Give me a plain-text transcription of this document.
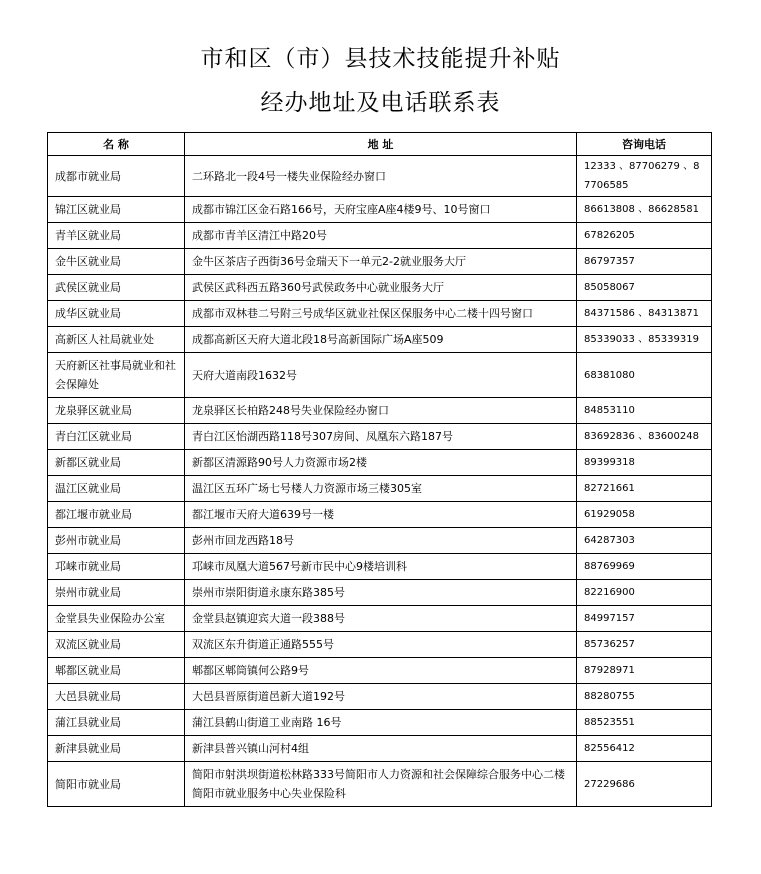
市和区（市）县技术技能提升补贴
经办地址及电话联系表
名 称	地 址	咨询电话
成都市就业局	二环路北一段4号一楼失业保险经办窗口	12333 、87706279 、87706585
锦江区就业局	成都市锦江区金石路166号，天府宝座A座4楼9号、10号窗口	86613808 、86628581
青羊区就业局	成都市青羊区清江中路20号	67826205
金牛区就业局	金牛区茶店子西街36号金瑞天下一单元2-2就业服务大厅	86797357
武侯区就业局	武侯区武科西五路360号武侯政务中心就业服务大厅	85058067
成华区就业局	成都市双林巷二号附三号成华区就业社保区保服务中心二楼十四号窗口	84371586 、84313871
高新区人社局就业处	成都高新区天府大道北段18号高新国际广场A座509	85339033 、85339319
天府新区社事局就业和社会保障处	天府大道南段1632号	68381080
龙泉驿区就业局	龙泉驿区长柏路248号失业保险经办窗口	84853110
青白江区就业局	青白江区怡湖西路118号307房间、凤凰东六路187号	83692836 、83600248
新都区就业局	新都区清源路90号人力资源市场2楼	89399318
温江区就业局	温江区五环广场七号楼人力资源市场三楼305室	82721661
都江堰市就业局	都江堰市天府大道639号一楼	61929058
彭州市就业局	彭州市回龙西路18号	64287303
邛崃市就业局	邛崃市凤凰大道567号新市民中心9楼培训科	88769969
崇州市就业局	崇州市崇阳街道永康东路385号	82216900
金堂县失业保险办公室	金堂县赵镇迎宾大道一段388号	84997157
双流区就业局	双流区东升街道正通路555号	85736257
郫都区就业局	郫都区郫筒镇何公路9号	87928971
大邑县就业局	大邑县晋原街道邑新大道192号	88280755
蒲江县就业局	蒲江县鹤山街道工业南路 16号	88523551
新津县就业局	新津县普兴镇山河村4组	82556412
简阳市就业局	简阳市射洪坝街道松林路333号简阳市人力资源和社会保障综合服务中心二楼 简阳市就业服务中心失业保险科	27229686
